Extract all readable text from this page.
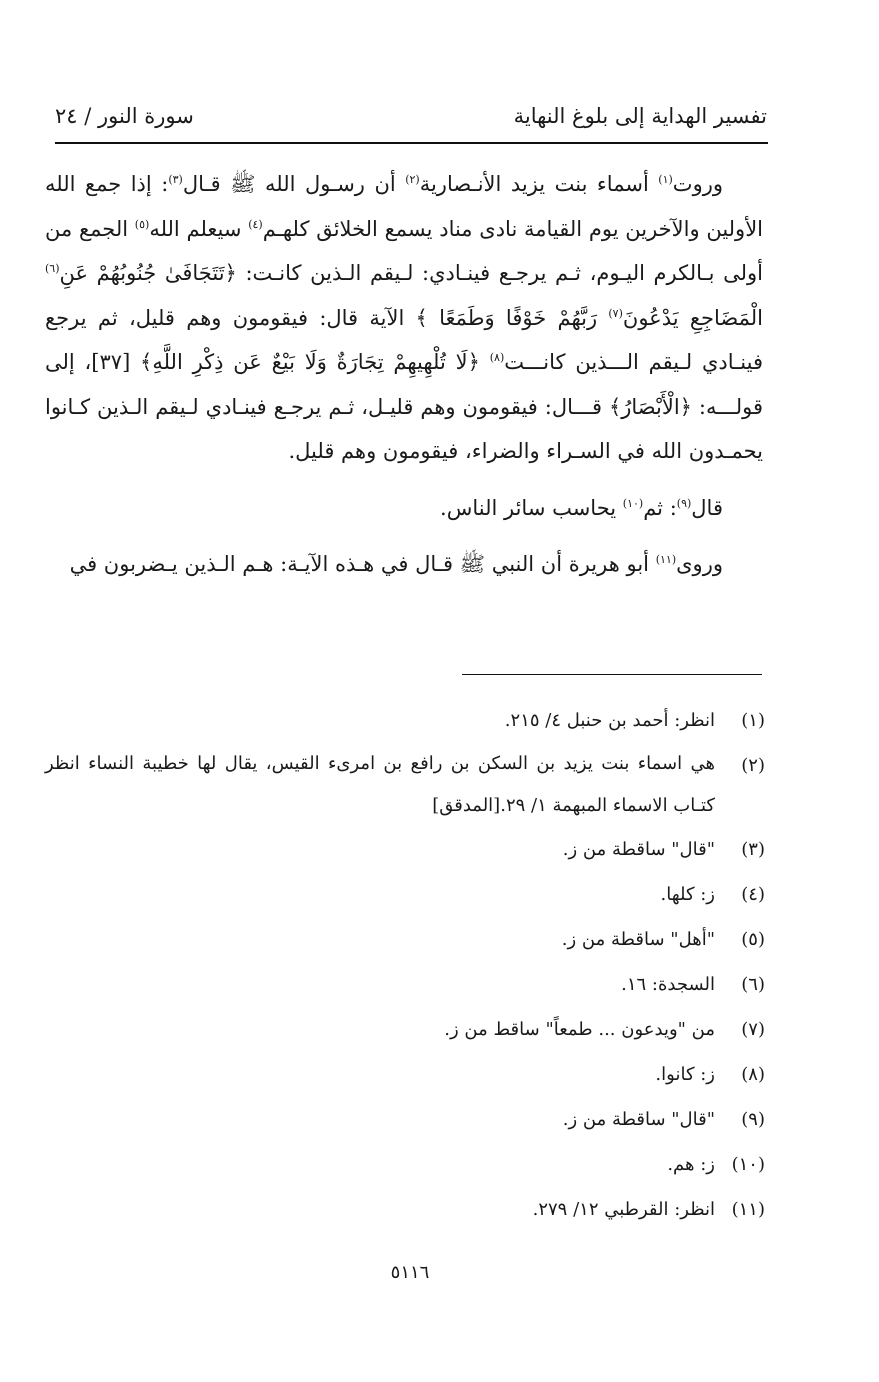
تفسير الهداية إلى بلوغ النهاية
سورة النور / ٢٤

وروت$^{(١)}$ أسماء بنت يزيد الأنـصارية$^{(٢)}$ أن رسـول الله ﷺ قـال$^{(٣)}$: إذا جمع الله الأولين والآخرين يوم القيامة نادى مناد يسمع الخلائق كلهـم$^{(٤)}$ سيعلم الله$^{(٥)}$ الجمع من أولى بـالكرم اليـوم، ثـم يرجـع فينـادي: لـيقم الـذين كانـت: ﴿تَتَجَافَىٰ جُنُوبُهُمْ عَنِ$^{(٦)}$ الْمَضَاجِعِ يَدْعُونَ$^{(٧)}$ رَبَّهُمْ خَوْفًا وَطَمَعًا ﴾ الآية قال: فيقومون وهم قليل، ثم يرجع فينـادي لـيقم الـــذين كانـــت$^{(٨)}$ ﴿لَا تُلْهِيهِمْ تِجَارَةٌ وَلَا بَيْعٌ عَن ذِكْرِ اللَّهِ﴾ [٣٧]، إلى قولـــه: ﴿الْأَبْصَارُ﴾ قـــال: فيقومون وهم قليـل، ثـم يرجـع فينـادي لـيقم الـذين كـانوا يحمـدون الله في السـراء والضراء، فيقومون وهم قليل.

قال$^{(٩)}$: ثم$^{(١٠)}$ يحاسب سائر الناس.

وروى$^{(١١)}$ أبو هريرة أن النبي ﷺ قـال في هـذه الآيـة: هـم الـذين يـضربون في

(١)
انظر: أحمد بن حنبل ٤/ ٢١٥.
(٢)
هي اسماء بنت يزيد بن السكن بن رافع بن امرىء القيس، يقال لها خطيبة النساء انظر كتـاب الاسماء المبهمة ١/ ٢٩.[المدقق]
(٣)
"قال" ساقطة من ز.
(٤)
ز: كلها.
(٥)
"أهل" ساقطة من ز.
(٦)
السجدة: ١٦.
(٧)
من "ويدعون ... طمعاً" ساقط من ز.
(٨)
ز: كانوا.
(٩)
"قال" ساقطة من ز.
(١٠)
ز: هم.
(١١)
انظر: القرطبي ١٢/ ٢٧٩.
٥١١٦
